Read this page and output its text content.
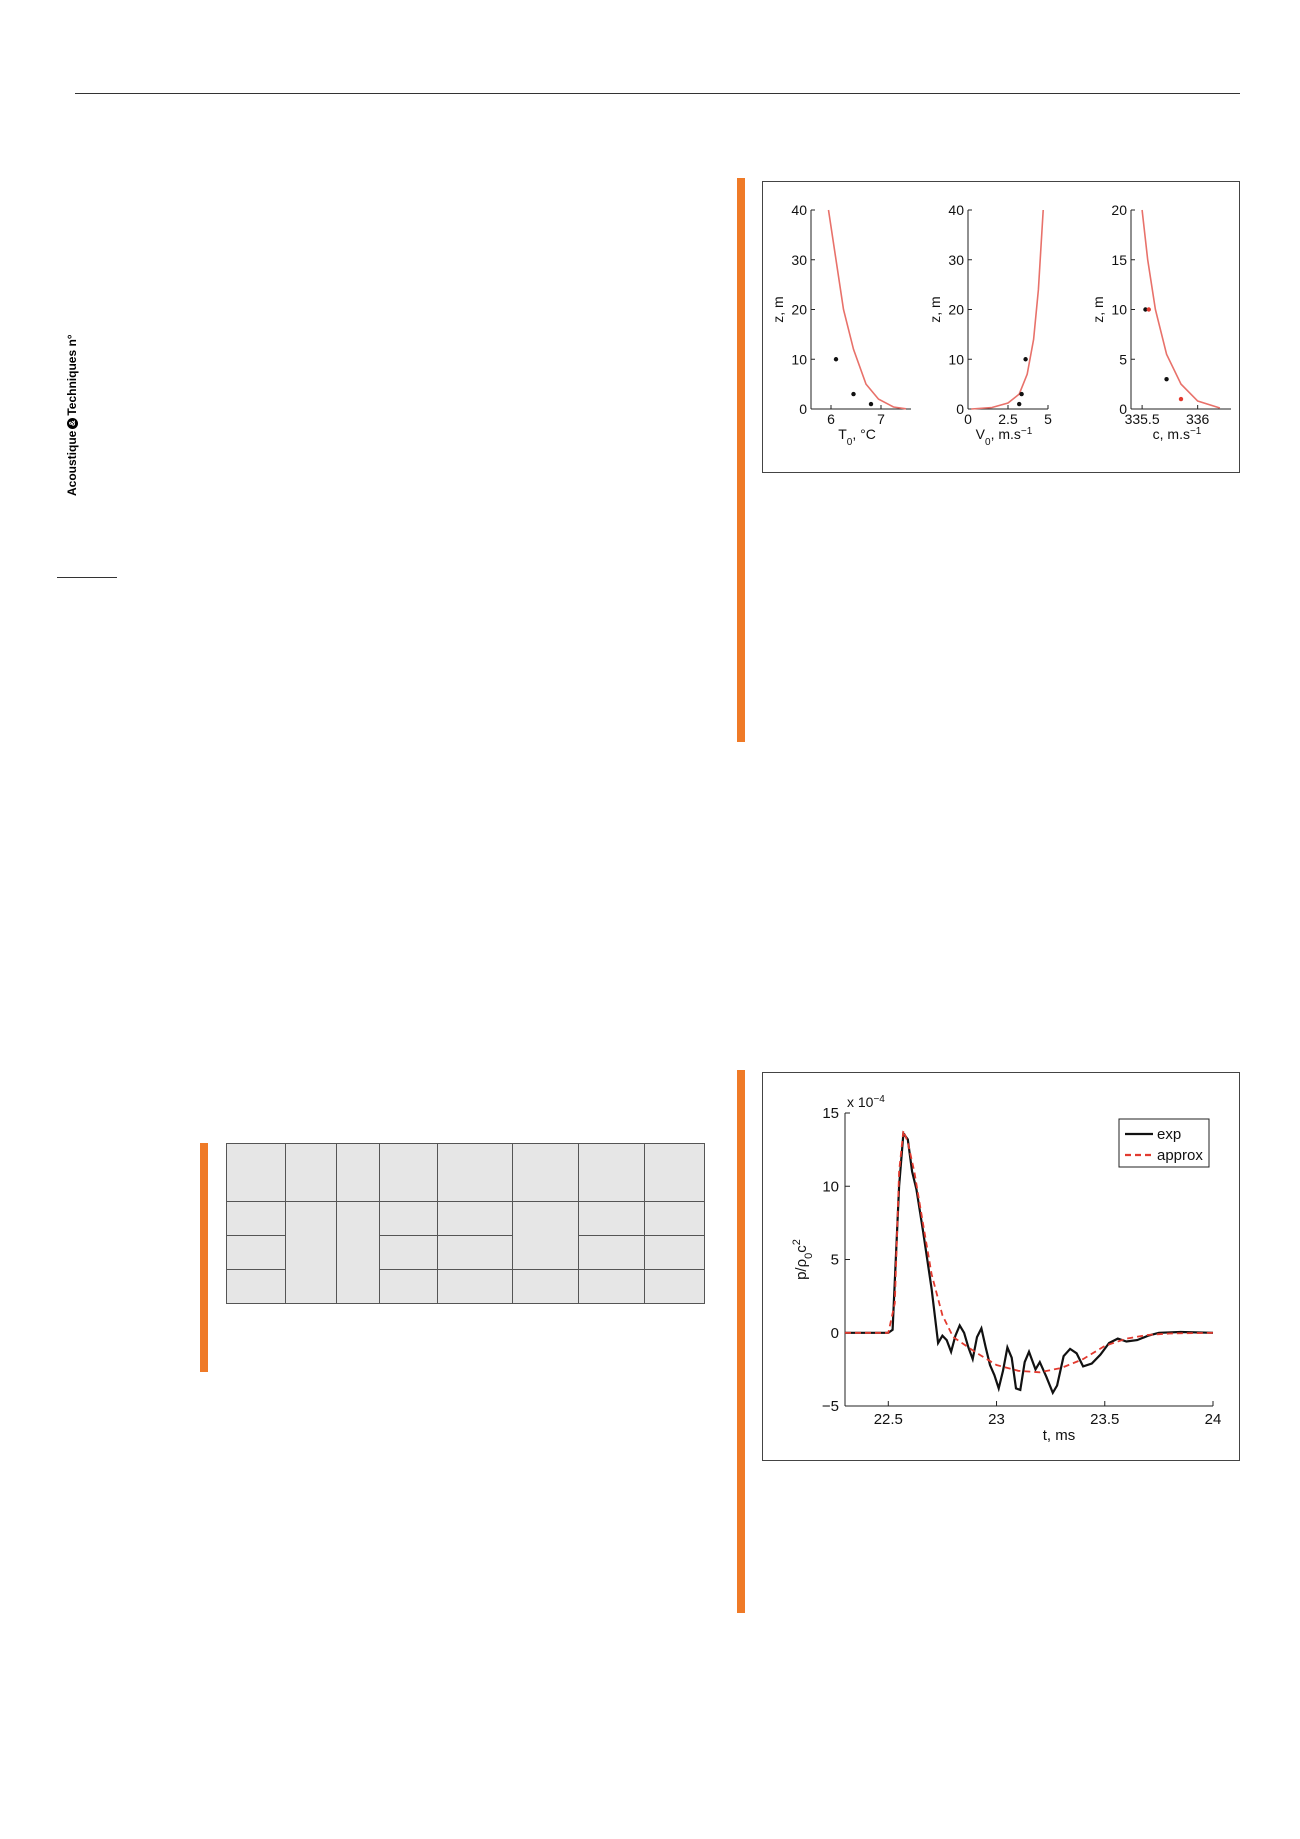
Acoustique
&
Techniques n°	0
10
20
30
40
6	7
z, m
$T_0$, °C
0
10
20
30
40
0 2.5 5
z, m
$V_0$, $m.s^{-1}$
0
5
10
15
20
335.5 336
z, m
c, $m.s^{-1}$
−5
0
5
10
15
22.5	23	23.5	24
x $10^{-4}$
t, ms
$p/\rho_0c^2$
exp
approx
